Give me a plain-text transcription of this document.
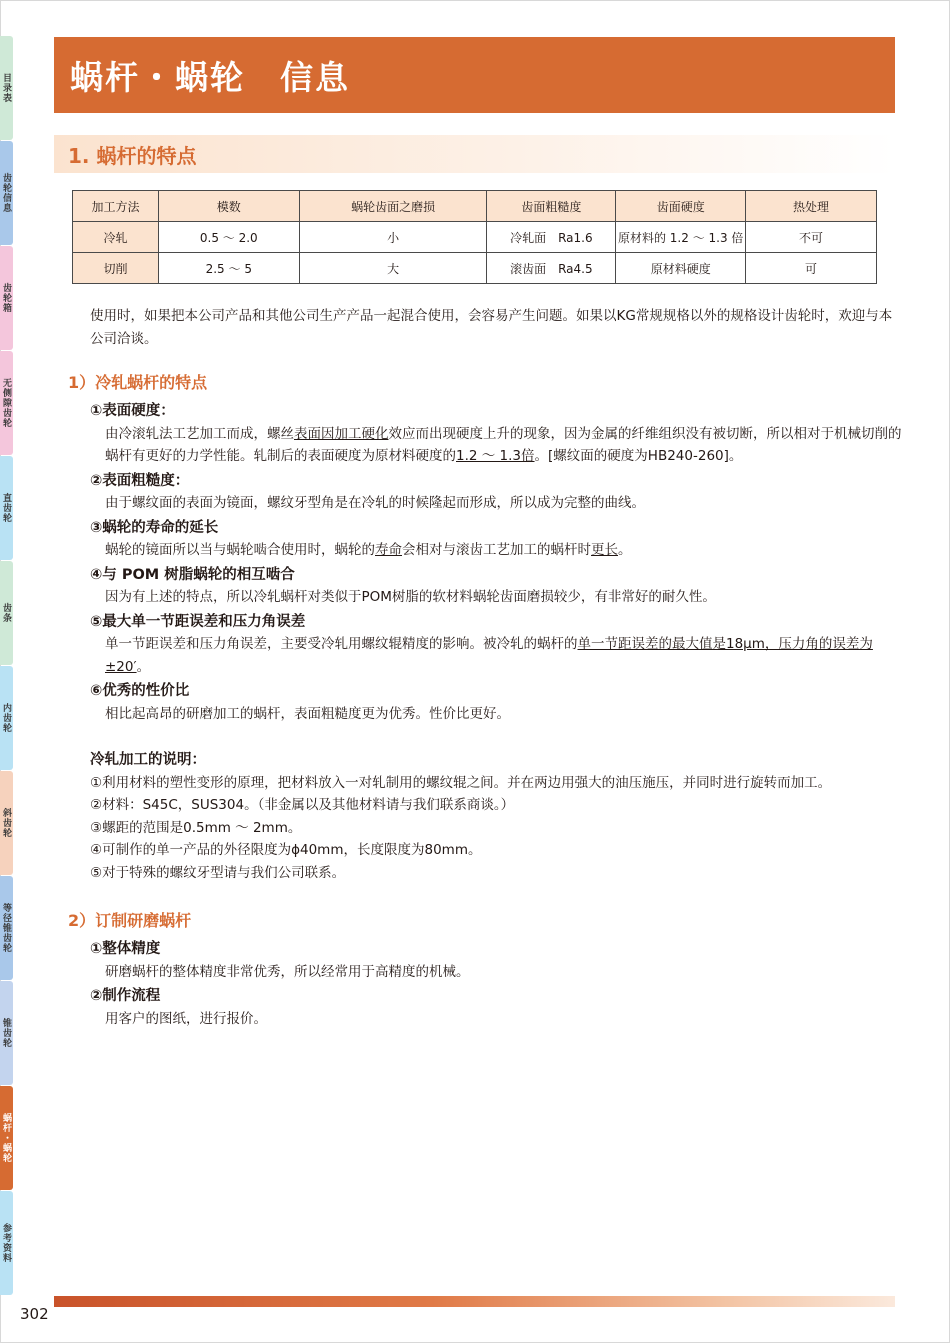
目录表
齿轮信息
齿轮箱
无侧隙齿轮
直齿轮
齿条
内齿轮
斜齿轮
等径锥齿轮
锥齿轮
蜗杆・蜗轮
参考资料
蜗杆・蜗轮　信息
1. 蜗杆的特点
加工方法	模数	蜗轮齿面之磨损	齿面粗糙度	齿面硬度	热处理
冷轧	0.5 ～ 2.0	小	冷轧面　Ra1.6	原材料的 1.2 ～ 1.3 倍	不可
切削	2.5 ～ 5	大	滚齿面　Ra4.5	原材料硬度	可

使用时，如果把本公司产品和其他公司生产产品一起混合使用，会容易产生问题。如果以KG常规规格以外的规格设计齿轮时，欢迎与本公司洽谈。

1）冷轧蜗杆的特点

①表面硬度：

由冷滚轧法工艺加工而成，螺丝表面因加工硬化效应而出现硬度上升的现象，因为金属的纤维组织没有被切断，所以相对于机械切削的蜗杆有更好的力学性能。轧制后的表面硬度为原材料硬度的1.2 ～ 1.3倍。[螺纹面的硬度为HB240-260]。

②表面粗糙度：

由于螺纹面的表面为镜面，螺纹牙型角是在冷轧的时候隆起而形成，所以成为完整的曲线。

③蜗轮的寿命的延长

蜗轮的镜面所以当与蜗轮啮合使用时，蜗轮的寿命会相对与滚齿工艺加工的蜗杆时更长。

④与 POM 树脂蜗轮的相互啮合

因为有上述的特点，所以冷轧蜗杆对类似于POM树脂的软材料蜗轮齿面磨损较少，有非常好的耐久性。

⑤最大单一节距误差和压力角误差

单一节距误差和压力角误差，主要受冷轧用螺纹辊精度的影响。被冷轧的蜗杆的单一节距误差的最大值是18μm，压力角的误差为±20′。

⑥优秀的性价比

相比起高昂的研磨加工的蜗杆，表面粗糙度更为优秀。性价比更好。

冷轧加工的说明：

①利用材料的塑性变形的原理，把材料放入一对轧制用的螺纹辊之间。并在两边用强大的油压施压，并同时进行旋转而加工。

②材料：S45C，SUS304。（非金属以及其他材料请与我们联系商谈。）

③螺距的范围是0.5mm ～ 2mm。

④可制作的单一产品的外径限度为ϕ40mm，长度限度为80mm。

⑤对于特殊的螺纹牙型请与我们公司联系。

2）订制研磨蜗杆

①整体精度

研磨蜗杆的整体精度非常优秀，所以经常用于高精度的机械。

②制作流程

用客户的图纸，进行报价。

302
